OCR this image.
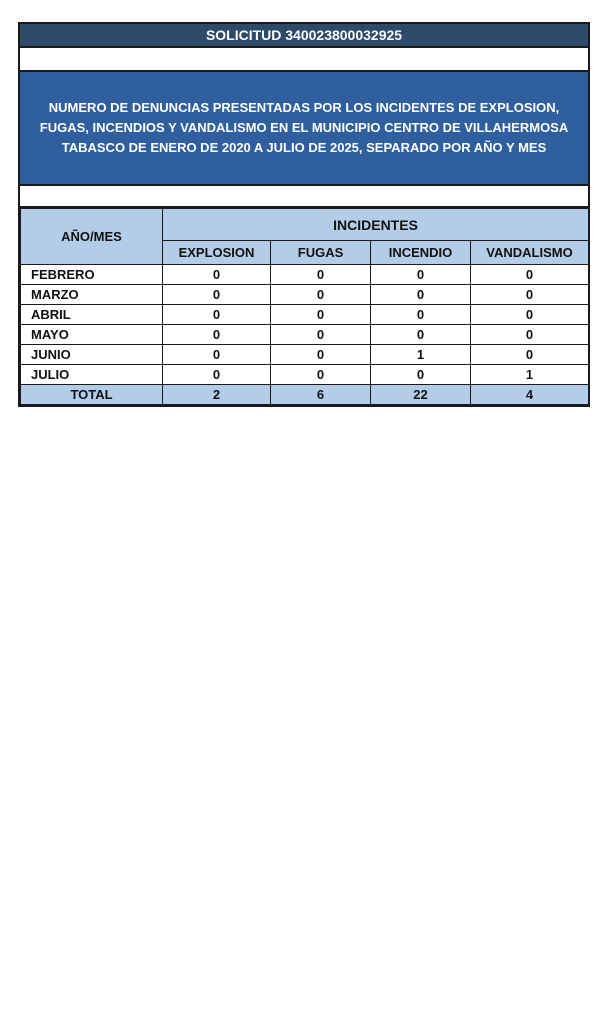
SOLICITUD 340023800032925
NUMERO DE DENUNCIAS PRESENTADAS POR LOS INCIDENTES DE EXPLOSION,
FUGAS, INCENDIOS Y VANDALISMO EN EL MUNICIPIO CENTRO DE VILLAHERMOSA
TABASCO DE ENERO DE 2020 A JULIO DE 2025, SEPARADO POR AÑO Y MES
AÑO/MES	INCIDENTES			
	EXPLOSION	FUGAS	INCENDIO	VANDALISMO
FEBRERO	0	0	0	0
MARZO	0	0	0	0
ABRIL	0	0	0	0
MAYO	0	0	0	0
JUNIO	0	0	1	0
JULIO	0	0	0	1
TOTAL	2	6	22	4
